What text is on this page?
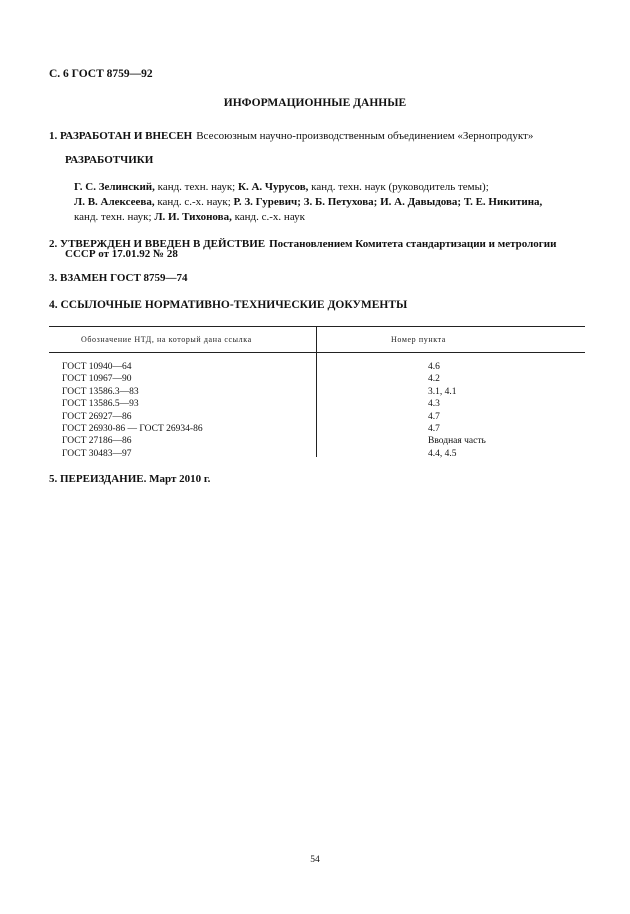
С. 6 ГОСТ 8759—92
ИНФОРМАЦИОННЫЕ ДАННЫЕ
1. РАЗРАБОТАН И ВНЕСЕН Всесоюзным научно-производственным объединением «Зернопродукт»
РАЗРАБОТЧИКИ
Г. С. Зелинский, канд. техн. наук; К. А. Чурусов, канд. техн. наук (руководитель темы);
Л. В. Алексеева, канд. с.-х. наук; Р. З. Гуревич; З. Б. Петухова; И. А. Давыдова; Т. Е. Никитина,
канд. техн. наук; Л. И. Тихонова, канд. с.-х. наук
2. УТВЕРЖДЕН И ВВЕДЕН В ДЕЙСТВИЕ Постановлением Комитета стандартизации и метрологии
СССР от 17.01.92 № 28
3. ВЗАМЕН ГОСТ 8759—74
4. ССЫЛОЧНЫЕ НОРМАТИВНО-ТЕХНИЧЕСКИЕ ДОКУМЕНТЫ
Обозначение НТД, на который дана ссылка	Номер пункта
ГОСТ 10940—64	4.6
ГОСТ 10967—90	4.2
ГОСТ 13586.3—83	3.1, 4.1
ГОСТ 13586.5—93	4.3
ГОСТ 26927—86	4.7
ГОСТ 26930-86 — ГОСТ 26934-86	4.7
ГОСТ 27186—86	Вводная часть
ГОСТ 30483—97	4.4, 4.5
5. ПЕРЕИЗДАНИЕ. Март 2010 г.
54
